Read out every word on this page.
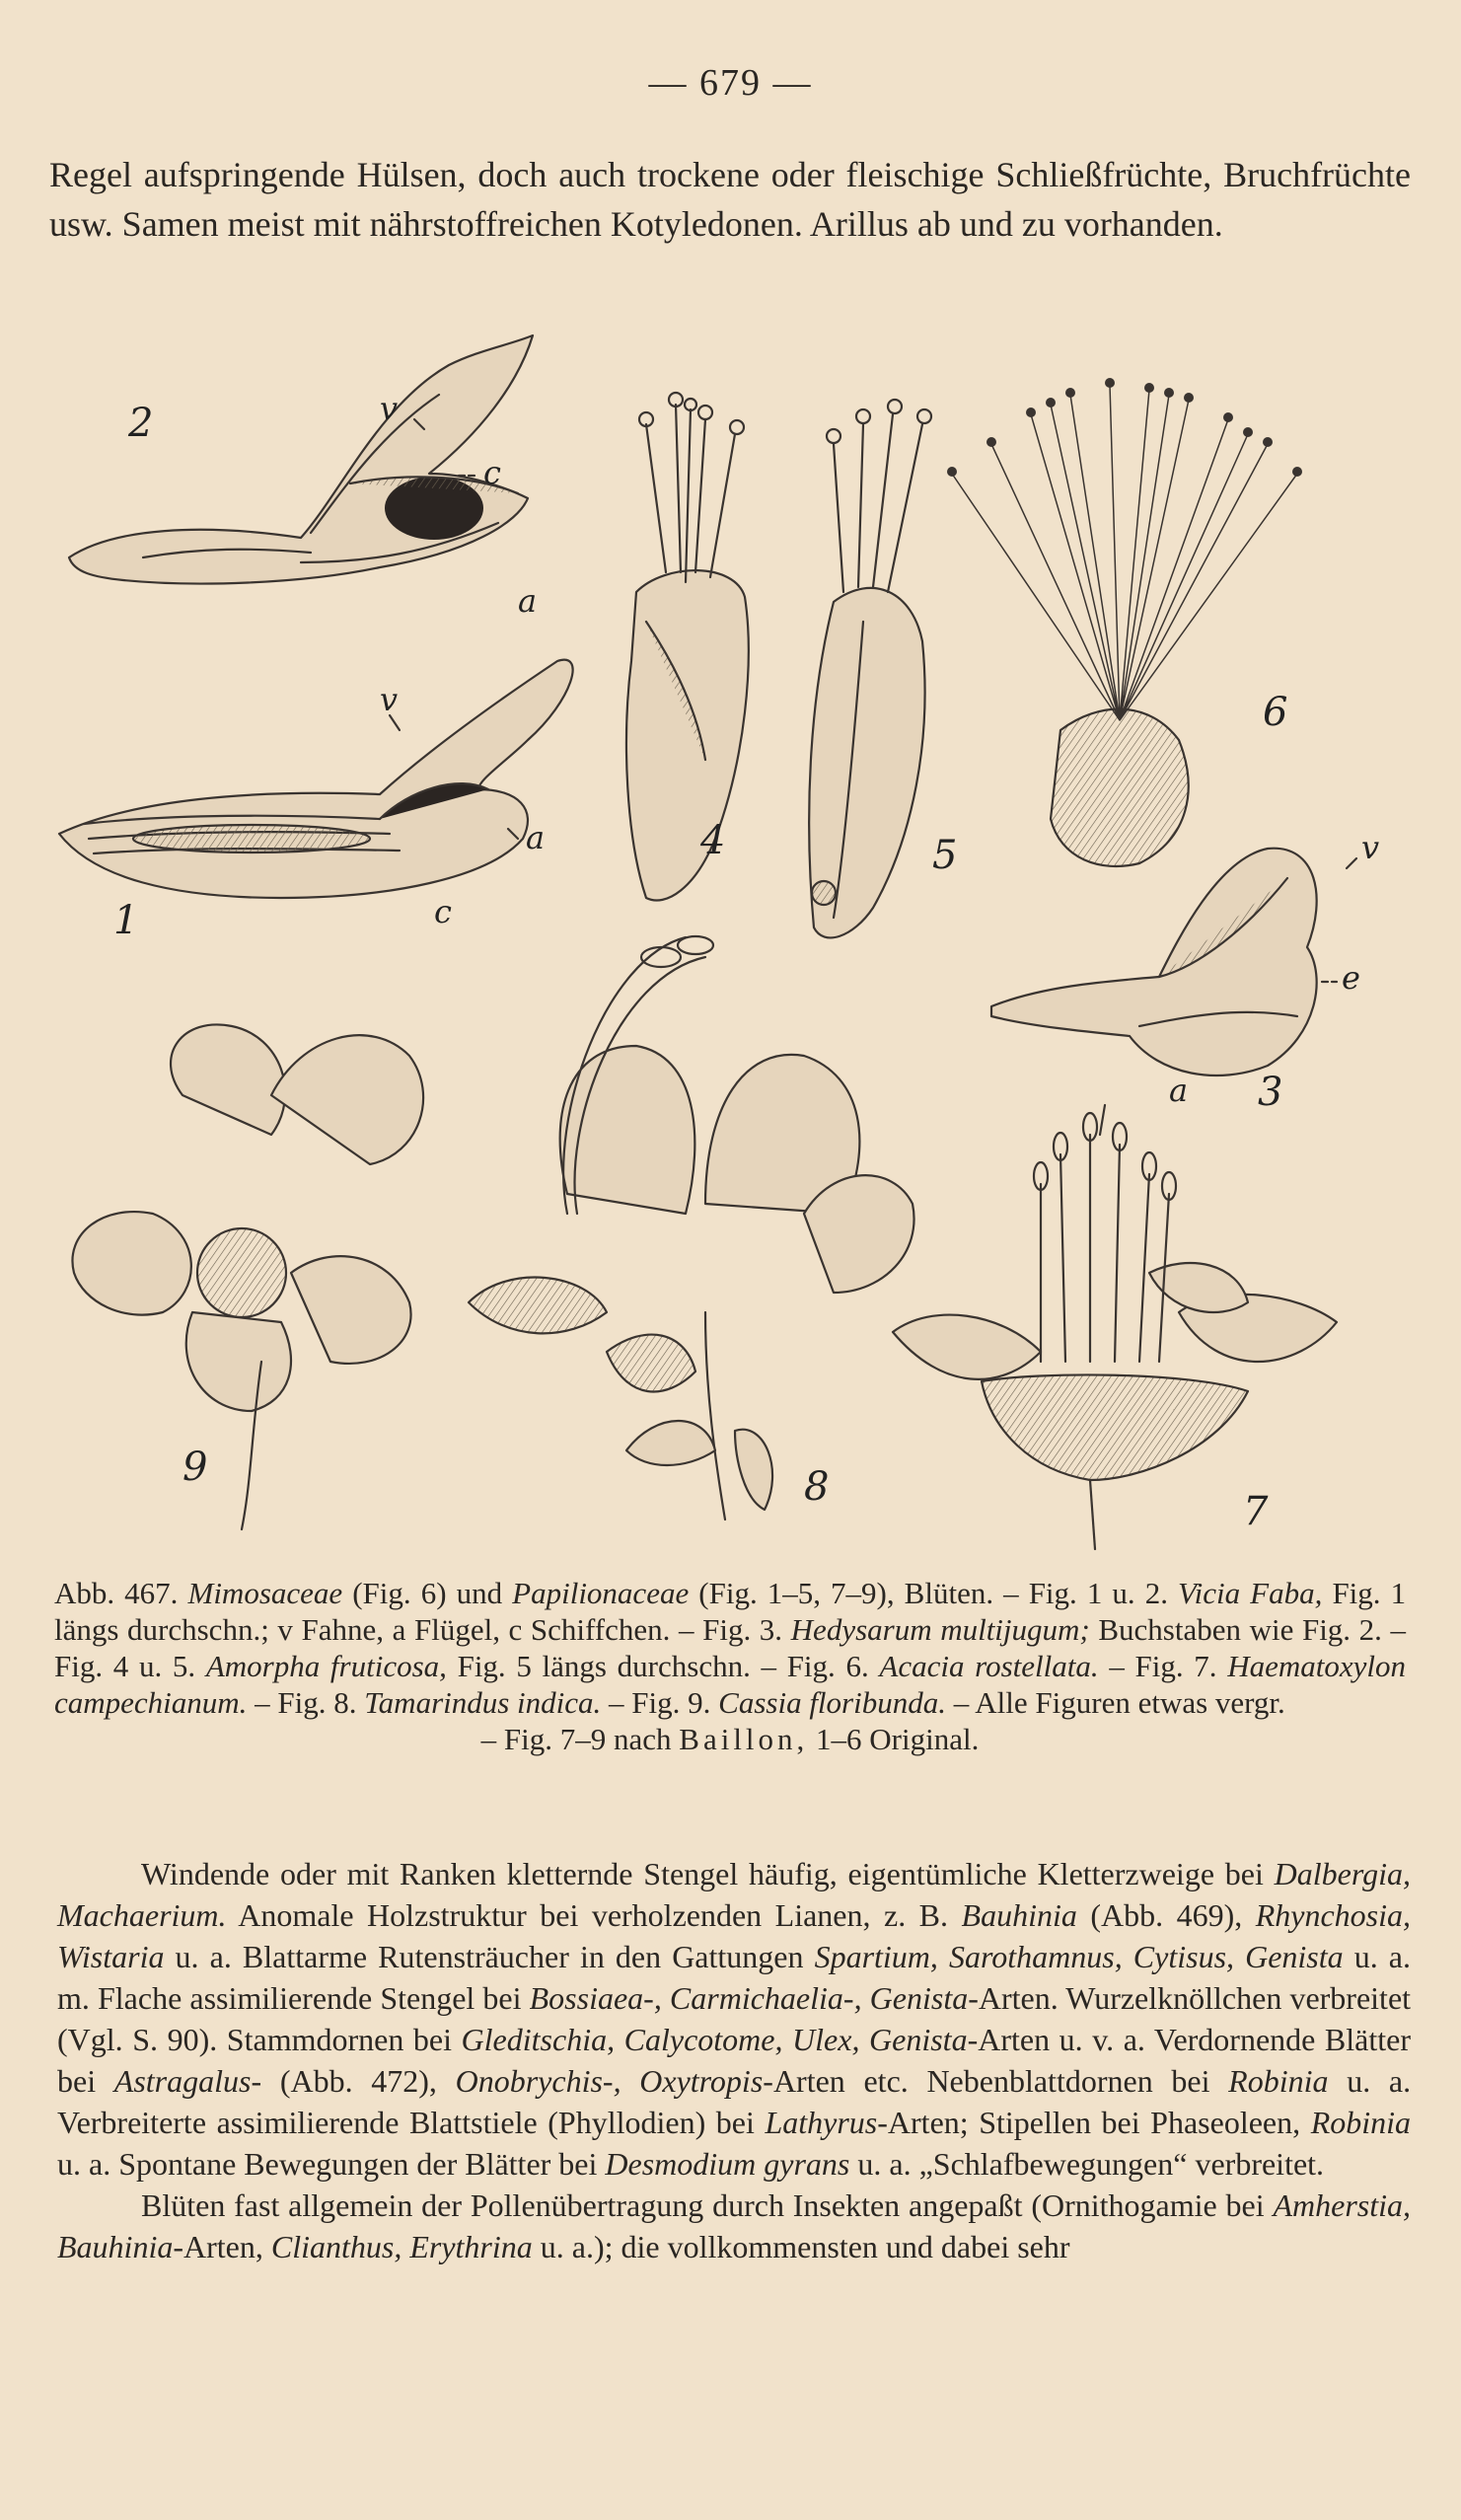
— 679 —

Regel aufspringende Hülsen, doch auch trockene oder fleischige Schließfrüchte, Bruchfrüchte usw. Samen meist mit nährstoffreichen Kotyledonen. Arillus ab und zu vorhanden.

2
1
4	5
6
3
9	8
7
v
c
a
v
a
c
v
e
a

Abb. 467. Mimosaceae (Fig. 6) und Papilionaceae (Fig. 1–5, 7–9), Blüten. – Fig. 1 u. 2. Vicia Faba, Fig. 1 längs durchschn.; v Fahne, a Flügel, c Schiffchen. – Fig. 3. Hedysarum multijugum; Buchstaben wie Fig. 2. – Fig. 4 u. 5. Amorpha fruticosa, Fig. 5 längs durchschn. – Fig. 6. Acacia rostellata. – Fig. 7. Haematoxylon campechianum. – Fig. 8. Tamarindus indica. – Fig. 9. Cassia floribunda. – Alle Figuren etwas vergr.

– Fig. 7–9 nach Baillon, 1–6 Original.

Windende oder mit Ranken kletternde Stengel häufig, eigentümliche Kletterzweige bei Dalbergia, Machaerium. Anomale Holzstruktur bei verholzenden Lianen, z. B. Bauhinia (Abb. 469), Rhynchosia, Wistaria u. a. Blattarme Rutensträucher in den Gattungen Spartium, Sarothamnus, Cytisus, Genista u. a. m. Flache assimilierende Stengel bei Bossiaea-, Carmichaelia-, Genista-Arten. Wurzelknöllchen verbreitet (Vgl. S. 90). Stammdornen bei Gleditschia, Calycotome, Ulex, Genista-Arten u. v. a. Verdornende Blätter bei Astragalus- (Abb. 472), Onobrychis-, Oxytropis-Arten etc. Nebenblattdornen bei Robinia u. a. Verbreiterte assimilierende Blattstiele (Phyllodien) bei Lathyrus-Arten; Stipellen bei Phaseoleen, Robinia u. a. Spontane Bewegungen der Blätter bei Desmodium gyrans u. a. „Schlafbewegungen“ verbreitet.

Blüten fast allgemein der Pollenübertragung durch Insekten angepaßt (Ornithogamie bei Amherstia, Bauhinia-Arten, Clianthus, Erythrina u. a.); die vollkommensten und dabei sehr
